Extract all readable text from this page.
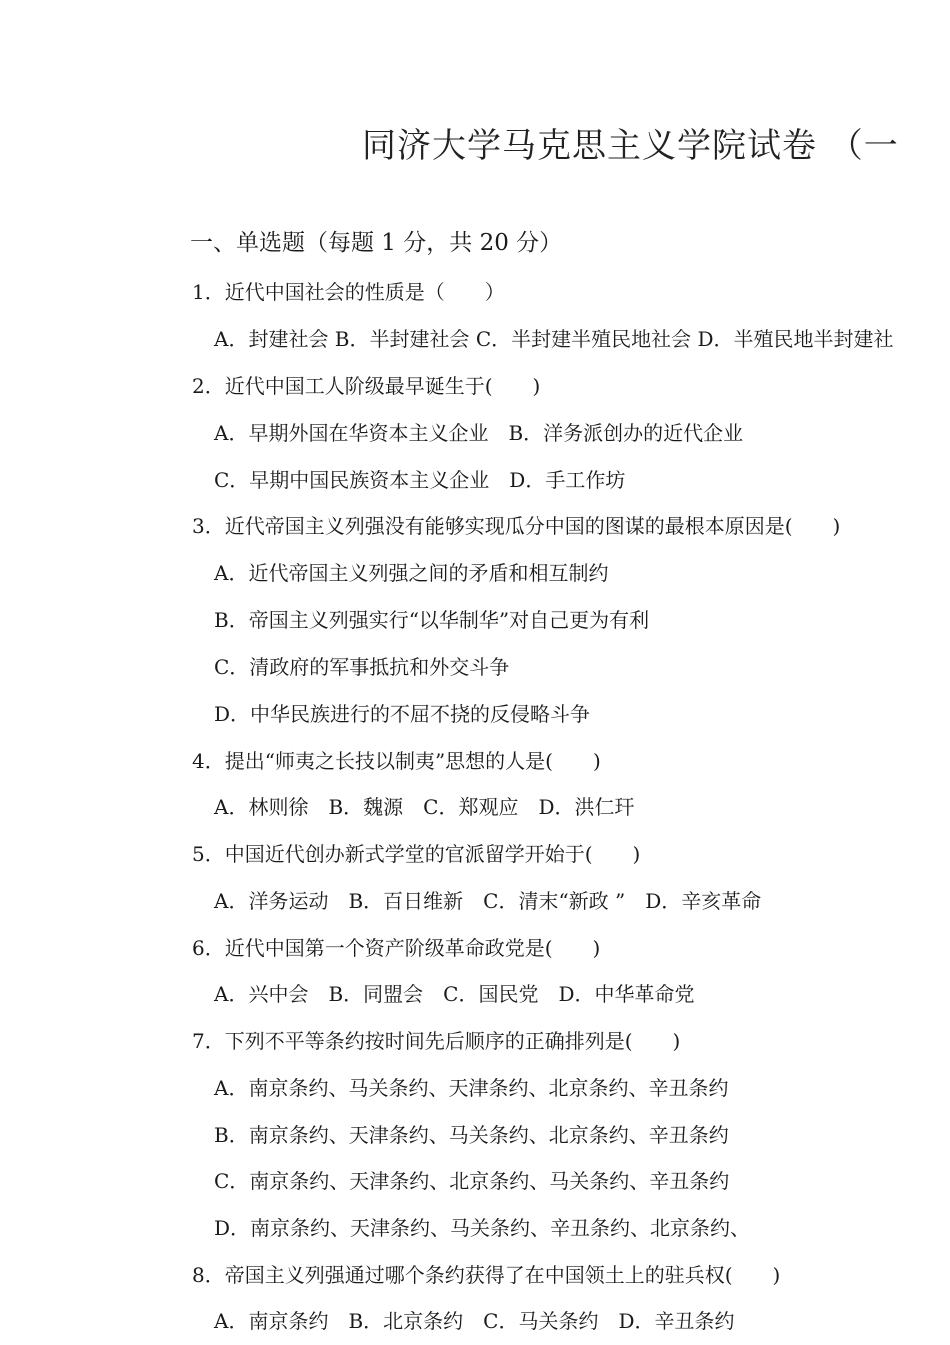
同济大学马克思主义学院试卷 （一
一、单选题（每题 1 分，共 20 分）
1．近代中国社会的性质是（　　）
A．封建社会 B．半封建社会 C．半封建半殖民地社会 D．半殖民地半封建社
2．近代中国工人阶级最早诞生于(　　)
A．早期外国在华资本主义企业　B．洋务派创办的近代企业
C．早期中国民族资本主义企业　D．手工作坊
3．近代帝国主义列强没有能够实现瓜分中国的图谋的最根本原因是(　　)
A．近代帝国主义列强之间的矛盾和相互制约
B．帝国主义列强实行“以华制华”对自己更为有利
C．清政府的军事抵抗和外交斗争
D．中华民族进行的不屈不挠的反侵略斗争
4．提出“师夷之长技以制夷”思想的人是(　　)
A．林则徐　B．魏源　C．郑观应　D．洪仁玕
5．中国近代创办新式学堂的官派留学开始于(　　)
A．洋务运动　B．百日维新　C．清末“新政 ”　D．辛亥革命
6．近代中国第一个资产阶级革命政党是(　　)
A．兴中会　B．同盟会　C．国民党　D．中华革命党
7．下列不平等条约按时间先后顺序的正确排列是(　　)
A．南京条约、马关条约、天津条约、北京条约、辛丑条约
B．南京条约、天津条约、马关条约、北京条约、辛丑条约
C．南京条约、天津条约、北京条约、马关条约、辛丑条约
D．南京条约、天津条约、马关条约、辛丑条约、北京条约、
8．帝国主义列强通过哪个条约获得了在中国领土上的驻兵权(　　)
A．南京条约　B．北京条约　C．马关条约　D．辛丑条约
